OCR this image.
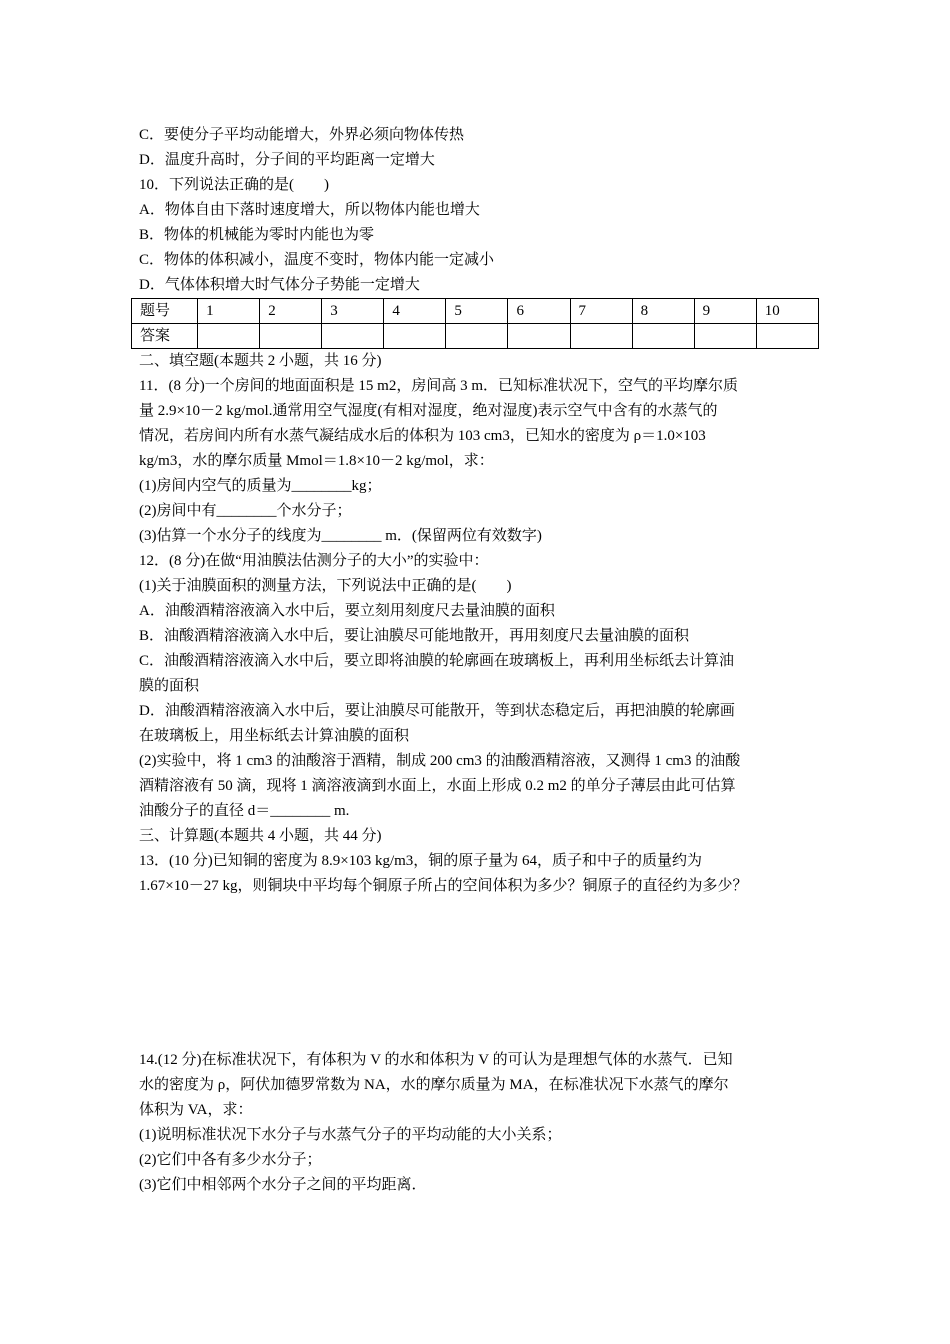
C．要使分子平均动能增大，外界必须向物体传热
D．温度升高时，分子间的平均距离一定增大
10．下列说法正确的是(　　)
A．物体自由下落时速度增大，所以物体内能也增大
B．物体的机械能为零时内能也为零
C．物体的体积减小，温度不变时，物体内能一定减小
D．气体体积增大时气体分子势能一定增大
题号	1	2	3	4	5	6	7	8	9	10
答案										
二、填空题(本题共 2 小题，共 16 分)
11．(8 分)一个房间的地面面积是 15 m2，房间高 3 m．已知标准状况下，空气的平均摩尔质
量 2.9×10－2 kg/mol.通常用空气湿度(有相对湿度，绝对湿度)表示空气中含有的水蒸气的
情况，若房间内所有水蒸气凝结成水后的体积为 103 cm3，已知水的密度为 ρ＝1.0×103
kg/m3，水的摩尔质量 Mmol＝1.8×10－2 kg/mol，求：
(1)房间内空气的质量为________kg；
(2)房间中有________个水分子；
(3)估算一个水分子的线度为________ m．(保留两位有效数字)
12．(8 分)在做“用油膜法估测分子的大小”的实验中：
(1)关于油膜面积的测量方法，下列说法中正确的是(　　)
A．油酸酒精溶液滴入水中后，要立刻用刻度尺去量油膜的面积
B．油酸酒精溶液滴入水中后，要让油膜尽可能地散开，再用刻度尺去量油膜的面积
C．油酸酒精溶液滴入水中后，要立即将油膜的轮廓画在玻璃板上，再利用坐标纸去计算油
膜的面积
D．油酸酒精溶液滴入水中后，要让油膜尽可能散开，等到状态稳定后，再把油膜的轮廓画
在玻璃板上，用坐标纸去计算油膜的面积
(2)实验中，将 1 cm3 的油酸溶于酒精，制成 200 cm3 的油酸酒精溶液，又测得 1 cm3 的油酸
酒精溶液有 50 滴，现将 1 滴溶液滴到水面上，水面上形成 0.2 m2 的单分子薄层由此可估算
油酸分子的直径 d＝________ m.
三、计算题(本题共 4 小题，共 44 分)
13．(10 分)已知铜的密度为 8.9×103 kg/m3，铜的原子量为 64，质子和中子的质量约为
1.67×10－27 kg，则铜块中平均每个铜原子所占的空间体积为多少？铜原子的直径约为多少？
14.(12 分)在标准状况下，有体积为 V 的水和体积为 V 的可认为是理想气体的水蒸气．已知
水的密度为 ρ，阿伏加德罗常数为 NA，水的摩尔质量为 MA，在标准状况下水蒸气的摩尔
体积为 VA，求：
(1)说明标准状况下水分子与水蒸气分子的平均动能的大小关系；
(2)它们中各有多少水分子；
(3)它们中相邻两个水分子之间的平均距离．
